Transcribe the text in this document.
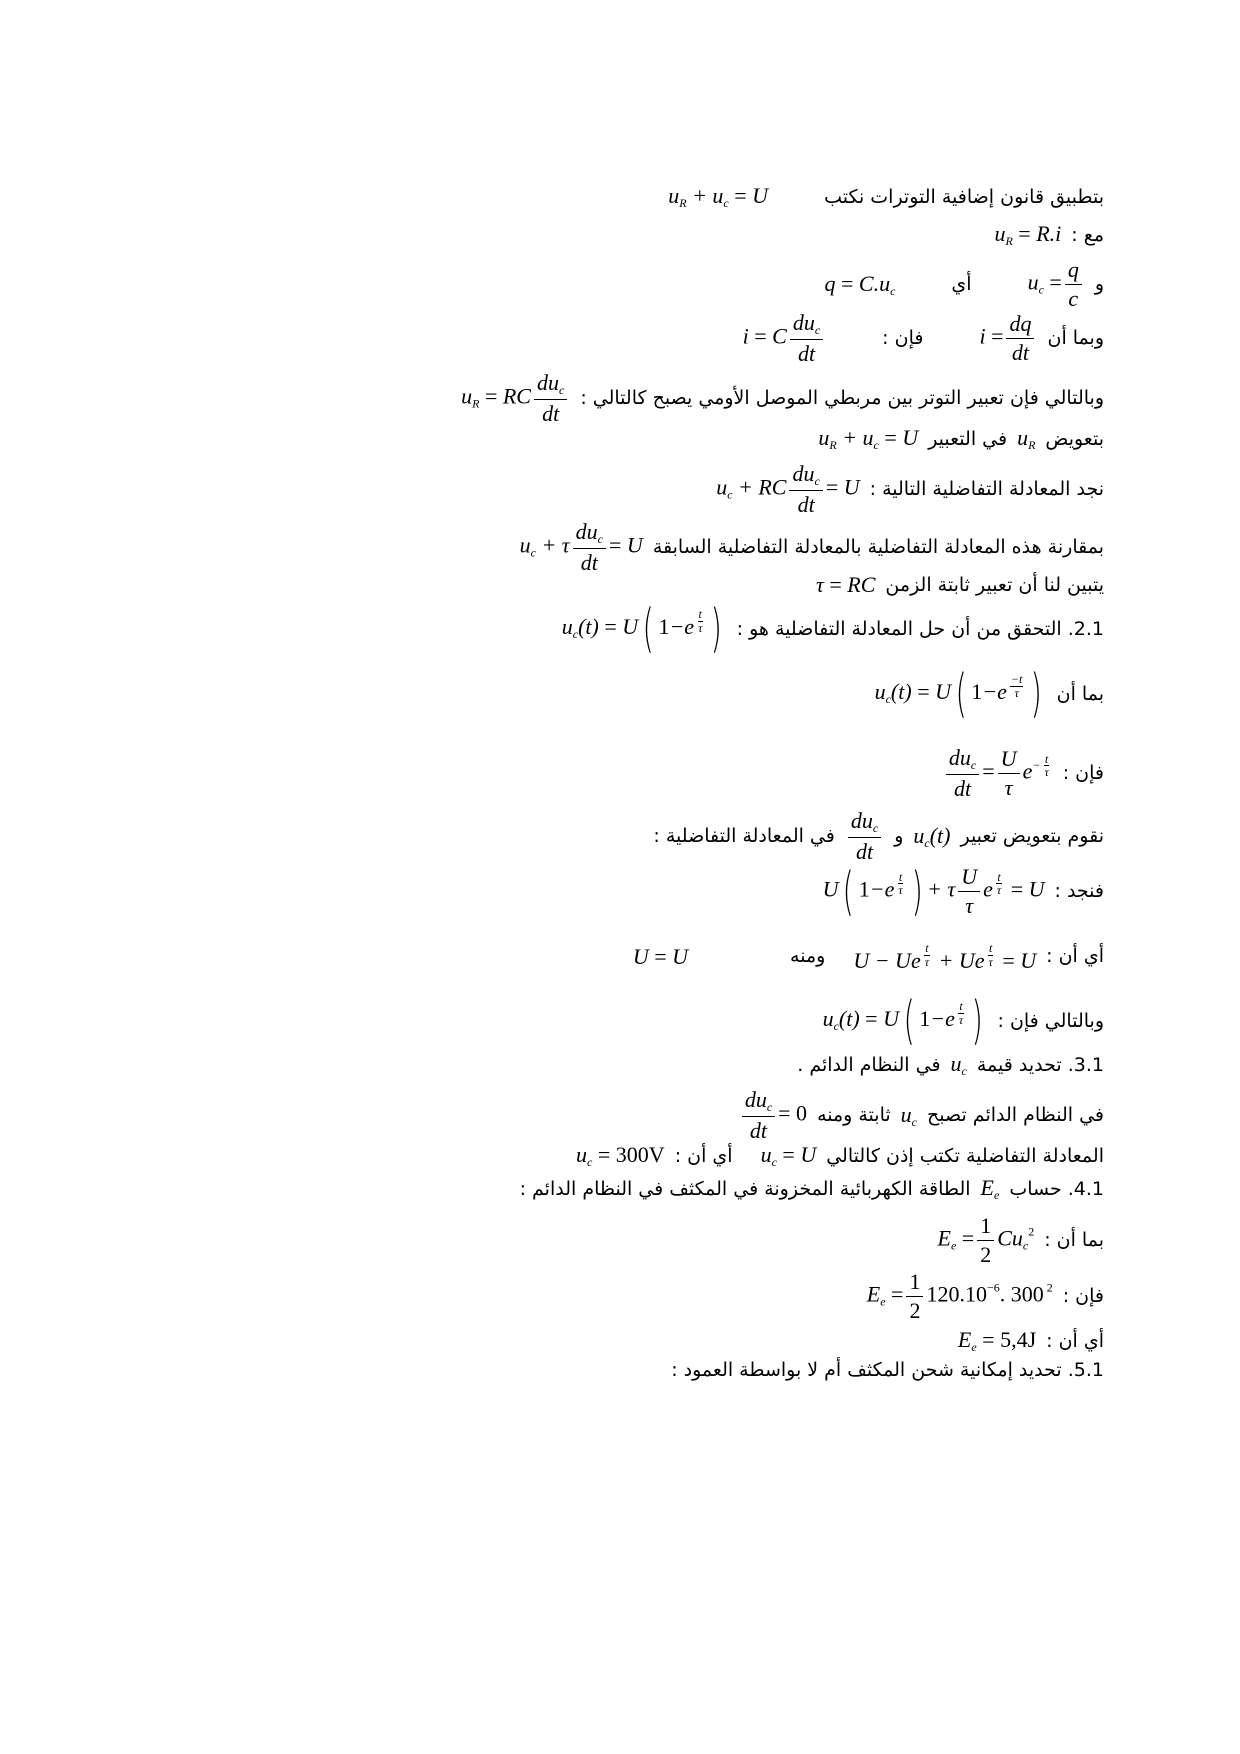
بتطبيق قانون إضافية التوترات نكتب
$u_R + u_c = U$
مع :
$u_R = R.i$
و
$u_c = \frac{q}{c}$
أي
$q = C.u_c$
وبما أن
$i = \frac{dq}{dt}$
فإن :
i = C $\frac{du_c}{dt}$
وبالتالي فإن تعبير التوتر بين مربطي الموصل الأومي يصبح كالتالي :
$u_R$ = RC $\frac{du_c}{dt}$
بتعويض
$u_R$
في التعبير
$u_R + u_c = U$
نجد المعادلة التفاضلية التالية :
$u_c$ + RC $\frac{du_c}{dt} = U$
بمقارنة هذه المعادلة التفاضلية بالمعادلة التفاضلية السابقة
$u_c + \tau \frac{du_c}{dt} = U$
يتبين لنا أن تعبير ثابتة الزمن
τ = RC
2.1. التحقق من أن حل المعادلة التفاضلية هو :
$u_c(t) = U$( 1−e $^{\frac{t}{\tau}}$ )
بما أن
$u_c(t) = U$( 1−e $^{\frac{-t}{\tau}}$ )
فإن :
$\frac{du_c}{dt} = \frac{U}{\tau} e^{- \frac{t}{\tau}}$
نقوم بتعويض تعبير
$u_c(t)$
و
$\frac{du_c}{dt}$
في المعادلة التفاضلية :
فنجد :
U( 1−e $^{\frac{t}{\tau}}$ ) + τ $\frac{U}{\tau}$ e $^{\frac{t}{\tau}}$ = U
أي أن :
U − Ue $^{\frac{t}{\tau}}$ + Ue $^{\frac{t}{\tau}}$ = U
ومنه
U = U
وبالتالي فإن :
$u_c(t) = U$( 1−e $^{\frac{t}{\tau}}$ )
3.1. تحديد قيمة
$u_c$
في النظام الدائم .
في النظام الدائم تصبح
$u_c$
ثابتة ومنه
$\frac{du_c}{dt} = 0$
المعادلة التفاضلية تكتب إذن كالتالي
$u_c = U$
أي أن :
$u_c = 300V$
4.1. حساب
$E_e$
الطاقة الكهربائية المخزونة في المكثف في النظام الدائم :
بما أن :
$E_e = \frac{1}{2} Cu_c^2$
فإن :
$E_e = \frac{1}{2} 120.10^{-6}$. 300 $^2$
أي أن :
$E_e = 5,4J$
5.1. تحديد إمكانية شحن المكثف أم لا بواسطة العمود :
